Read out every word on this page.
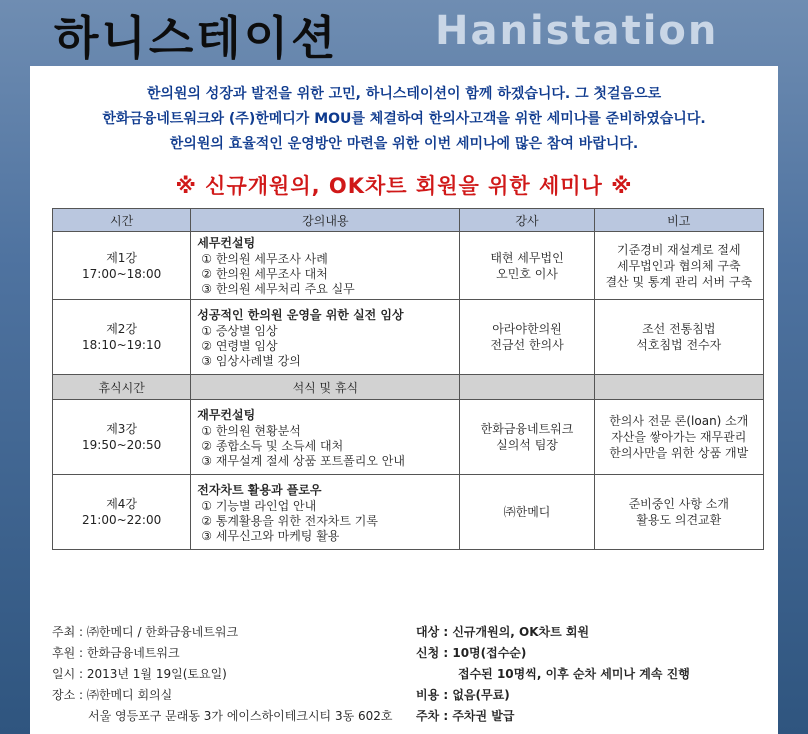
하니스테이션 Hanistation
한의원의 성장과 발전을 위한 고민, 하니스테이션이 함께 하겠습니다. 그 첫걸음으로
한화금융네트워크와 (주)한메디가 MOU를 체결하여 한의사고객을 위한 세미나를 준비하였습니다.
한의원의 효율적인 운영방안 마련을 위한 이번 세미나에 많은 참여 바랍니다.
※ 신규개원의, OK차트 회원을 위한 세미나 ※
시간	강의내용	강사	비고

제1강
17:00~18:00	세무컨설팅
① 한의원 세무조사 사례
② 한의원 세무조사 대처
③ 한의원 세무처리 주요 실무	태현 세무법인
오민호 이사	기준경비 재설계로 절세
세무법인과 협의체 구축
결산 및 통계 관리 서버 구축

제2강
18:10~19:10	성공적인 한의원 운영을 위한 실전 임상
① 증상별 임상
② 연령별 임상
③ 임상사례별 강의	아라야한의원
전금선 한의사	조선 전통침법
석호침법 전수자

휴식시간	석식 및 휴식		

제3강
19:50~20:50	재무컨설팅
① 한의원 현황분석
② 종합소득 및 소득세 대처
③ 재무설계 절세 상품 포트폴리오 안내	한화금융네트워크
실의석 팀장	한의사 전문 론(loan) 소개
자산을 쌓아가는 재무관리
한의사만을 위한 상품 개발

제4강
21:00~22:00	전자차트 활용과 플로우
① 기능별 라인업 안내
② 통계활용을 위한 전자차트 기록
③ 세무신고와 마케팅 활용	㈜한메디	준비중인 사항 소개
활용도 의견교환
주최 : ㈜한메디 / 한화금융네트워크
후원 : 한화금융네트워크
일시 : 2013년 1월 19일(토요일)
장소 : ㈜한메디 회의실
서울 영등포구 문래동 3가 에이스하이테크시티 3동 602호
대상 : 신규개원의, OK차트 회원
신청 : 10명(접수순)
접수된 10명씩, 이후 순차 세미나 계속 진행
비용 : 없음(무료)
주차 : 주차권 발급
